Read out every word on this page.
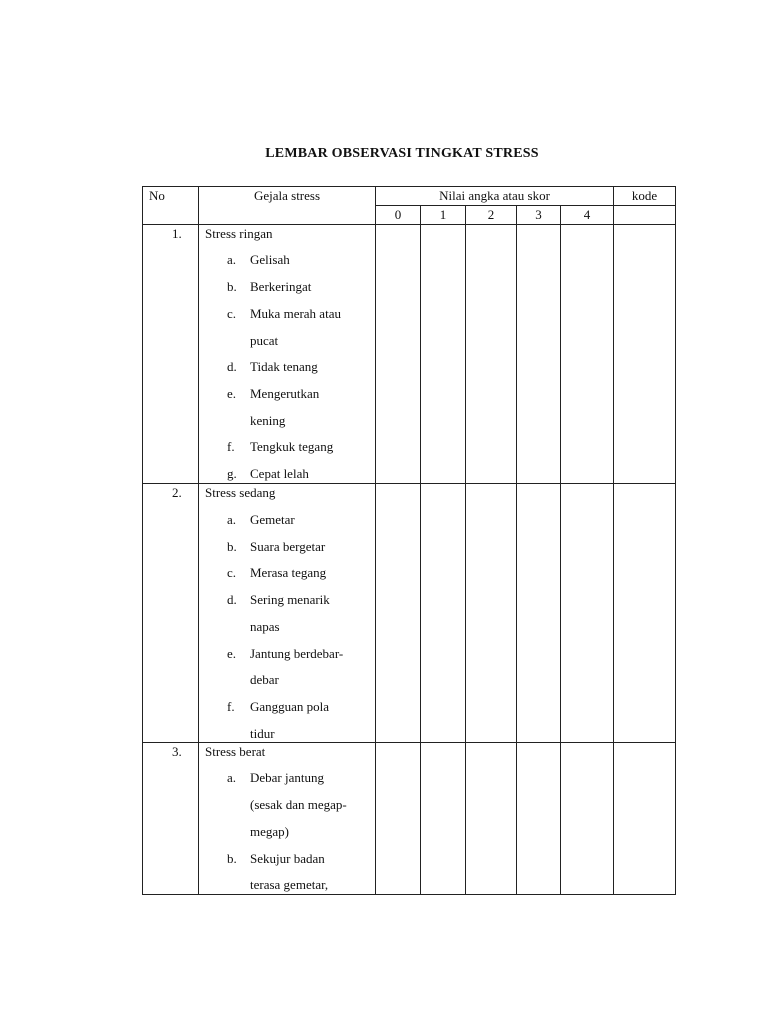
LEMBAR OBSERVASI TINGKAT STRESS
No	Gejala stress	Nilai angka atau skor	kode
0	1	2	3	4
1. Stress ringan
a. Gelisah
b. Berkeringat
c. Muka merah atau
pucat
d. Tidak tenang
e. Mengerutkan
kening
f. Tengkuk tegang
g. Cepat lelah
2. Stress sedang
a. Gemetar
b. Suara bergetar
c. Merasa tegang
d. Sering menarik
napas
e. Jantung berdebar-
debar
f. Gangguan pola
tidur
3. Stress berat
a. Debar jantung
(sesak dan megap-
megap)
b. Sekujur badan
terasa gemetar,
